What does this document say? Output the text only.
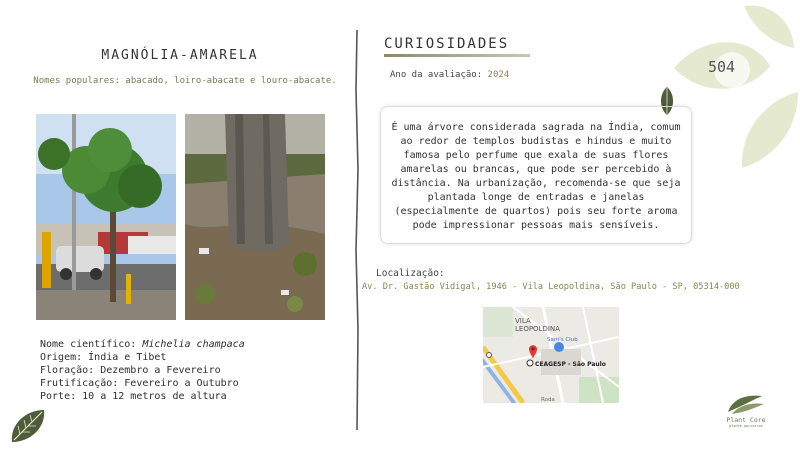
504
MAGNÓLIA-AMARELA
Nomes populares: abacado, loiro-abacate e louro-abacate.
Nome científico: Michelia champaca
Origem: Índia e Tibet
Floração: Dezembro a Fevereiro
Frutificação: Fevereiro a Outubro
Porte: 10 a 12 metros de altura
CURIOSIDADES
Ano da avaliação: 2024
É uma árvore considerada sagrada na Índia, comum ao redor de templos budistas e hindus e muito famosa pelo perfume que exala de suas flores amarelas ou brancas, que pode ser percebido à distância. Na urbanização, recomenda-se que seja plantada longe de entradas e janelas (especialmente de quartos) pois seu forte aroma pode impressionar pessoas mais sensíveis.
Localização:
Av. Dr. Gastão Vidigal, 1946 - Vila Leopoldina, São Paulo - SP, 05314-000
VILA
LEOPOLDINA
Sam's Club
CEAGESP - São Paulo
Roda
Plant Core
plante parceiros
